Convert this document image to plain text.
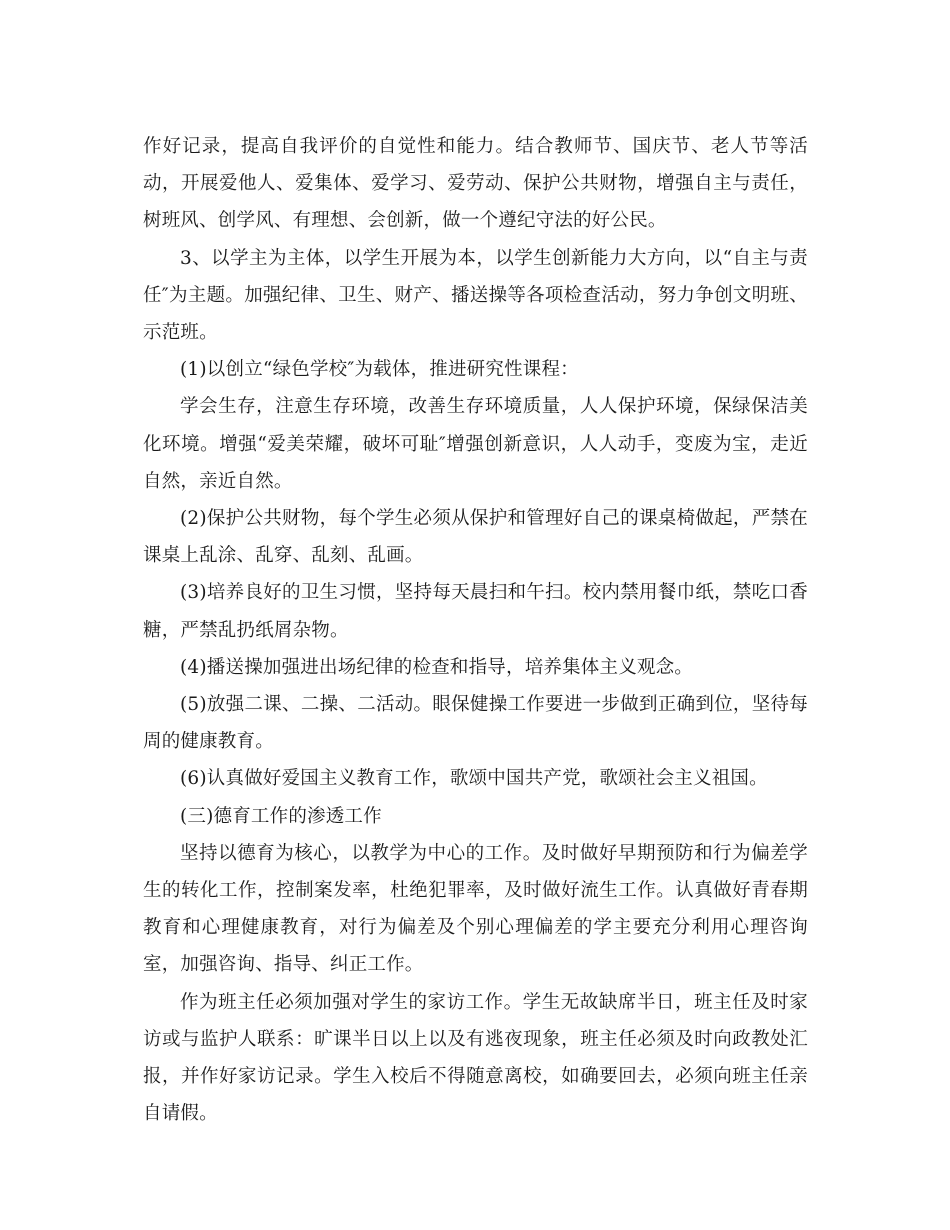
作好记录，提高自我评价的自觉性和能力。结合教师节、国庆节、老人节等活动，开展爱他人、爱集体、爱学习、爱劳动、保护公共财物，增强自主与责任，树班风、创学风、有理想、会创新，做一个遵纪守法的好公民。

3、以学主为主体，以学生开展为本，以学生创新能力大方向，以“自主与责任″为主题。加强纪律、卫生、财产、播送操等各项检查活动，努力争创文明班、示范班。

(1)以创立“绿色学校″为载体，推进研究性课程：

学会生存，注意生存环境，改善生存环境质量，人人保护环境，保绿保洁美化环境。增强“爱美荣耀，破坏可耻″增强创新意识，人人动手，变废为宝，走近自然，亲近自然。

(2)保护公共财物，每个学生必须从保护和管理好自己的课桌椅做起，严禁在课桌上乱涂、乱穿、乱刻、乱画。

(3)培养良好的卫生习惯，坚持每天晨扫和午扫。校内禁用餐巾纸，禁吃口香糖，严禁乱扔纸屑杂物。

(4)播送操加强进出场纪律的检查和指导，培养集体主义观念。

(5)放强二课、二操、二活动。眼保健操工作要进一步做到正确到位，坚待每周的健康教育。

(6)认真做好爱国主义教育工作，歌颂中国共产党，歌颂社会主义祖国。

(三)德育工作的渗透工作

坚持以德育为核心，以教学为中心的工作。及时做好早期预防和行为偏差学生的转化工作，控制案发率，杜绝犯罪率，及时做好流生工作。认真做好青春期教育和心理健康教育，对行为偏差及个别心理偏差的学主要充分利用心理咨询室，加强咨询、指导、纠正工作。

作为班主任必须加强对学生的家访工作。学生无故缺席半日，班主任及时家访或与监护人联系：旷课半日以上以及有逃夜现象，班主任必须及时向政教处汇报，并作好家访记录。学生入校后不得随意离校，如确要回去，必须向班主任亲自请假。
